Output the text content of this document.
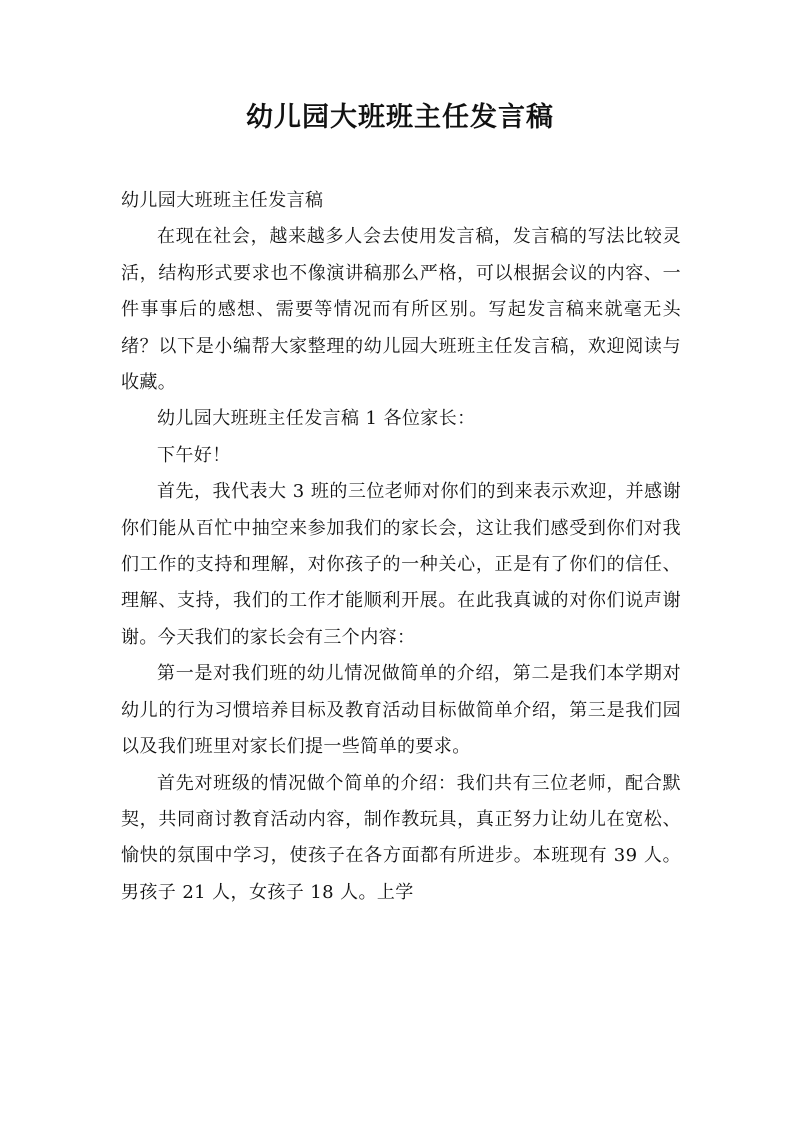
幼儿园大班班主任发言稿

幼儿园大班班主任发言稿

在现在社会，越来越多人会去使用发言稿，发言稿的写法比较灵活，结构形式要求也不像演讲稿那么严格，可以根据会议的内容、一件事事后的感想、需要等情况而有所区别。写起发言稿来就毫无头绪？以下是小编帮大家整理的幼儿园大班班主任发言稿，欢迎阅读与收藏。

幼儿园大班班主任发言稿 1 各位家长：

下午好！

首先，我代表大 3 班的三位老师对你们的到来表示欢迎，并感谢你们能从百忙中抽空来参加我们的家长会，这让我们感受到你们对我们工作的支持和理解，对你孩子的一种关心，正是有了你们的信任、理解、支持，我们的工作才能顺利开展。在此我真诚的对你们说声谢谢。今天我们的家长会有三个内容：

第一是对我们班的幼儿情况做简单的介绍，第二是我们本学期对幼儿的行为习惯培养目标及教育活动目标做简单介绍，第三是我们园以及我们班里对家长们提一些简单的要求。

首先对班级的情况做个简单的介绍：我们共有三位老师，配合默契，共同商讨教育活动内容，制作教玩具，真正努力让幼儿在宽松、愉快的氛围中学习，使孩子在各方面都有所进步。本班现有 39 人。男孩子 21 人，女孩子 18 人。上学
